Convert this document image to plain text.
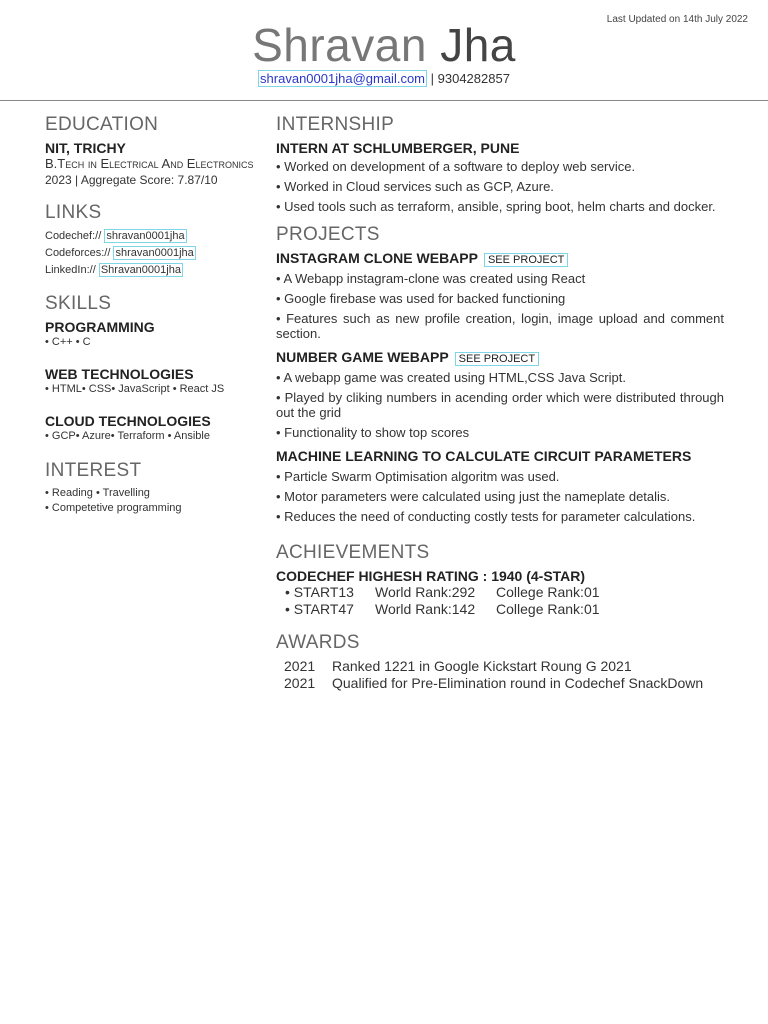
Last Updated on 14th July 2022
Shravan Jha
shravan0001jha@gmail.com | 9304282857
EDUCATION
NIT, TRICHY
B.Tech in Electrical And Electronics
2023 | Aggregate Score: 7.87/10
LINKS
Codechef:// shravan0001jha
Codeforces:// shravan0001jha
LinkedIn:// Shravan0001jha
SKILLS
PROGRAMMING
• C++ • C
WEB TECHNOLOGIES
• HTML• CSS• JavaScript • React JS
CLOUD TECHNOLOGIES
• GCP• Azure• Terraform • Ansible
INTEREST
• Reading • Travelling
• Competetive programming
INTERNSHIP
INTERN AT SCHLUMBERGER, PUNE
• Worked on development of a software to deploy web service.
• Worked in Cloud services such as GCP, Azure.
• Used tools such as terraform, ansible, spring boot, helm charts and docker.
PROJECTS
INSTAGRAM CLONE WEBAPP SEE PROJECT
• A Webapp instagram-clone was created using React
• Google firebase was used for backed functioning
• Features such as new profile creation, login, image upload and comment section.
NUMBER GAME WEBAPP SEE PROJECT
• A webapp game was created using HTML,CSS Java Script.
• Played by cliking numbers in acending order which were distributed through out the grid
• Functionality to show top scores
MACHINE LEARNING TO CALCULATE CIRCUIT PARAMETERS
• Particle Swarm Optimisation algoritm was used.
• Motor parameters were calculated using just the nameplate detalis.
• Reduces the need of conducting costly tests for parameter calculations.
ACHIEVEMENTS
CODECHEF HIGHESH RATING : 1940 (4-STAR)
• START13	World Rank:292	College Rank:01
• START47	World Rank:142	College Rank:01
AWARDS
2021	Ranked 1221 in Google Kickstart Roung G 2021
2021	Qualified for Pre-Elimination round in Codechef SnackDown
